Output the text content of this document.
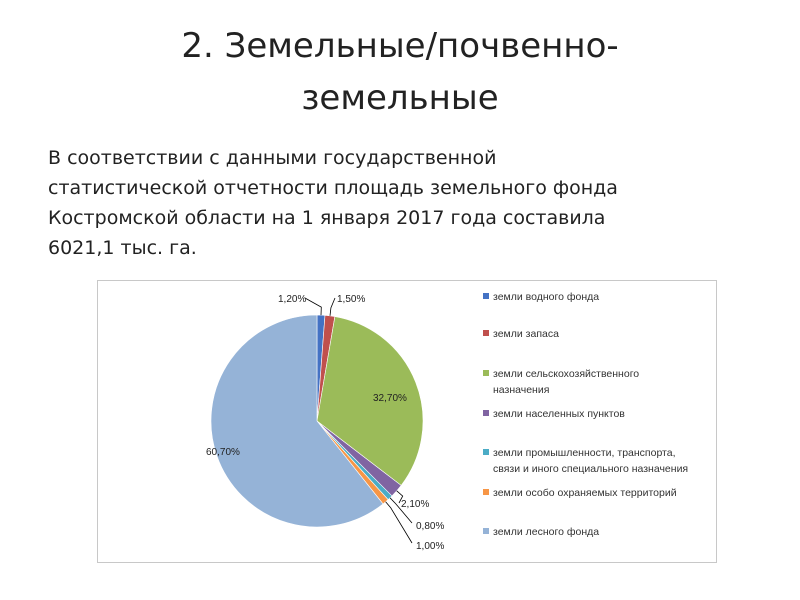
2. Земельные/почвенно-
земельные

В соответствии с данными государственной
статистической отчетности площадь земельного фонда
Костромской области на 1 января 2017 года составила
6021,1 тыс. га.

1,20%	1,50%
32,70%
2,10%
0,80%
1,00%
60,70%
земли водного фонда
земли запаса
земли сельскохозяйственного
назначения
земли населенных пунктов
земли промышленности, транспорта,
связи и иного специального назначения
земли особо охраняемых территорий
земли лесного фонда
